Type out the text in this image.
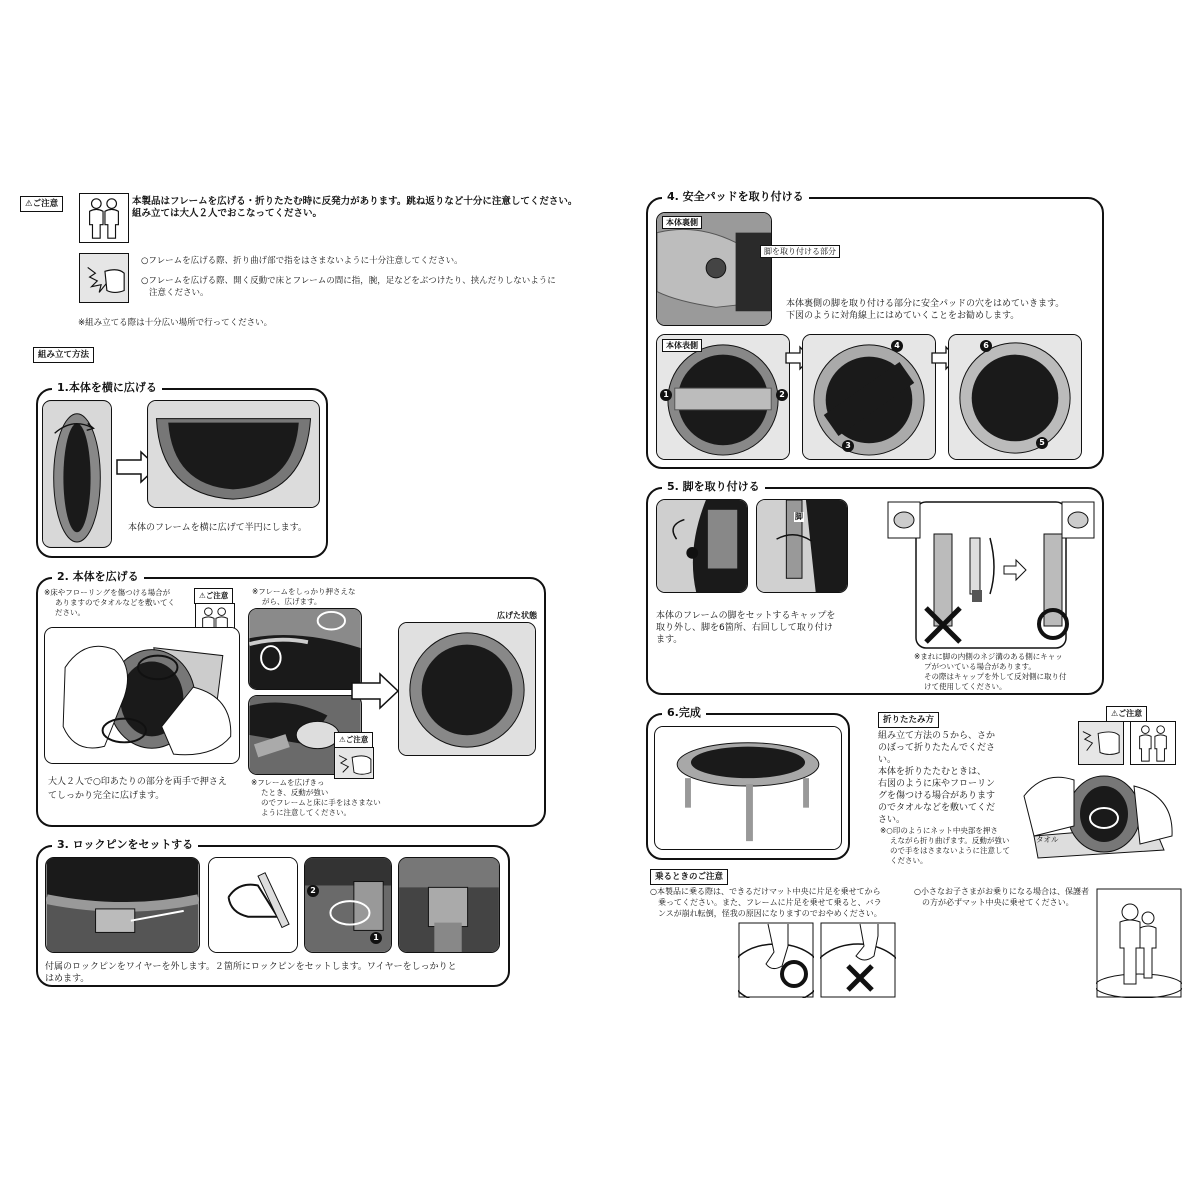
⚠ご注意	本製品はフレームを広げる・折りたたむ時に反発力があります。跳ね返りなど十分に注意してください。
組み立ては大人２人でおこなってください。
○フレームを広げる際、折り曲げ部で指をはさまないように十分注意してください。
○フレームを広げる際、開く反動で床とフレームの間に指，腕，足などをぶつけたり、挟んだりしないように
注意ください。
※組み立てる際は十分広い場所で行ってください。
組み立て方法
1.本体を横に広げる
本体のフレームを横に広げて半円にします。
2. 本体を広げる
※床やフローリングを傷つける場合が
ありますのでタオルなどを敷いてく
ださい。
⚠ご注意	※フレームをしっかり押さえな
がら、広げます。
⚠ご注意
※フレームを広げきっ
たとき、反動が強い
のでフレームと床に手をはさまない
ように注意してください。
広げた状態
大人２人で○印あたりの部分を両手で押さえ
てしっかり完全に広げます。
3. ロックピンをセットする
2
1
付属のロックピンをワイヤーを外します。２箇所にロックピンをセットします。ワイヤーをしっかりと
はめます。
4. 安全パッドを取り付ける
本体裏側
脚を取り付ける部分
本体裏側の脚を取り付ける部分に安全パッドの穴をはめていきます。
下図のように対角線上にはめていくことをお勧めします。
本体表側
1	2
3
4
5
6
5. 脚を取り付ける
脚
本体のフレームの脚をセットするキャップを
取り外し、脚を6箇所、右回しして取り付け
ます。
※まれに脚の内側のネジ溝のある側にキャッ
プがついている場合があります。
その際はキャップを外して反対側に取り付
けて使用してください。
6.完成
折りたたみ方
組み立て方法の５から、さか
のぼって折りたたんでくださ
い。
本体を折りたたむときは、
右図のように床やフローリン
グを傷つける場合があります
のでタオルなどを敷いてくだ
さい。
※○印のようにネット中央部を押さ
えながら折り曲げます。反動が強い
ので手をはさまないように注意して
ください。
⚠ご注意
タオル
乗るときのご注意
○本製品に乗る際は、できるだけマット中央に片足を乗せてから
乗ってください。また、フレームに片足を乗せて乗ると、バラ
ンスが崩れ転倒，怪我の原因になりますのでおやめください。
○小さなお子さまがお乗りになる場合は、保護者
の方が必ずマット中央に乗せてください。
